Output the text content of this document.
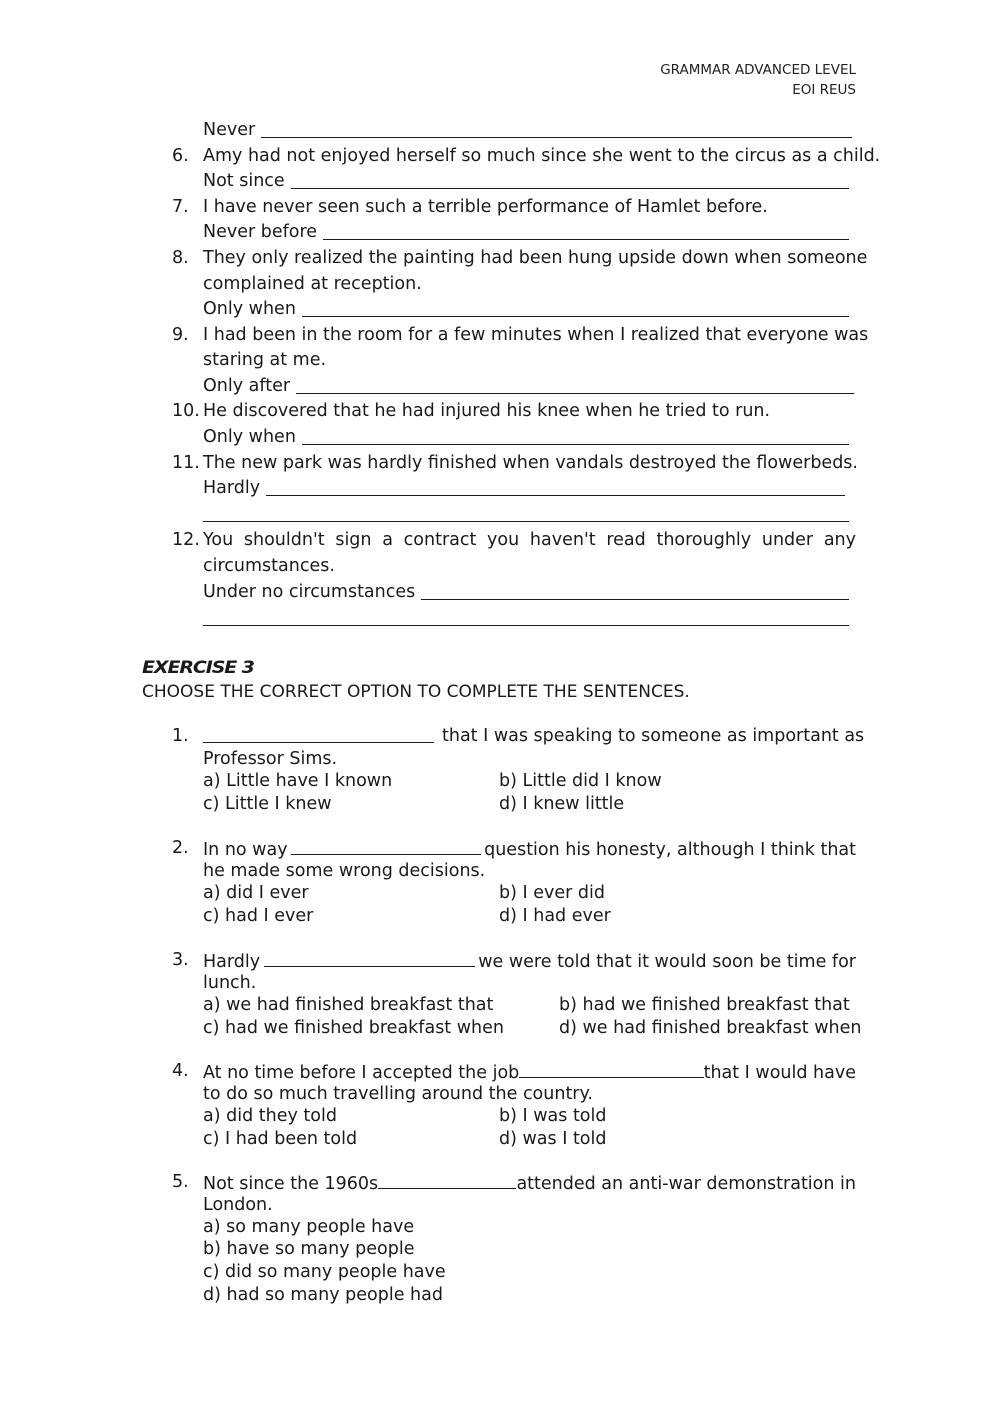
GRAMMAR ADVANCED LEVEL
EOI REUS
Never
6. Amy had not enjoyed herself so much since she went to the circus as a child.
Not since
7. I have never seen such a terrible performance of Hamlet before.
Never before
8. They only realized the painting had been hung upside down when someone
complained at reception.
Only when
9. I had been in the room for a few minutes when I realized that everyone was
staring at me.
Only after
10. He discovered that he had injured his knee when he tried to run.
Only when
11. The new park was hardly finished when vandals destroyed the flowerbeds.
Hardly
12. You shouldn't sign a contract you haven't read thoroughly under any
circumstances.
Under no circumstances
EXERCISE 3
CHOOSE THE CORRECT OPTION TO COMPLETE THE SENTENCES.
1.	that I was speaking to someone as important as
Professor Sims.
a) Little have I known	b) Little did I know
c) Little I knew	d) I knew little
2. In no way	question his honesty, although I think that
he made some wrong decisions.
a) did I ever	b) I ever did
c) had I ever	d) I had ever
3. Hardly	we were told that it would soon be time for
lunch.
a) we had finished breakfast that	b) had we finished breakfast that
c) had we finished breakfast when	d) we had finished breakfast when
4. At no time before I accepted the job	that I would have
to do so much travelling around the country.
a) did they told	b) I was told
c) I had been told	d) was I told
5. Not since the 1960s	attended an anti-war demonstration in
London.
a) so many people have
b) have so many people
c) did so many people have
d) had so many people had
